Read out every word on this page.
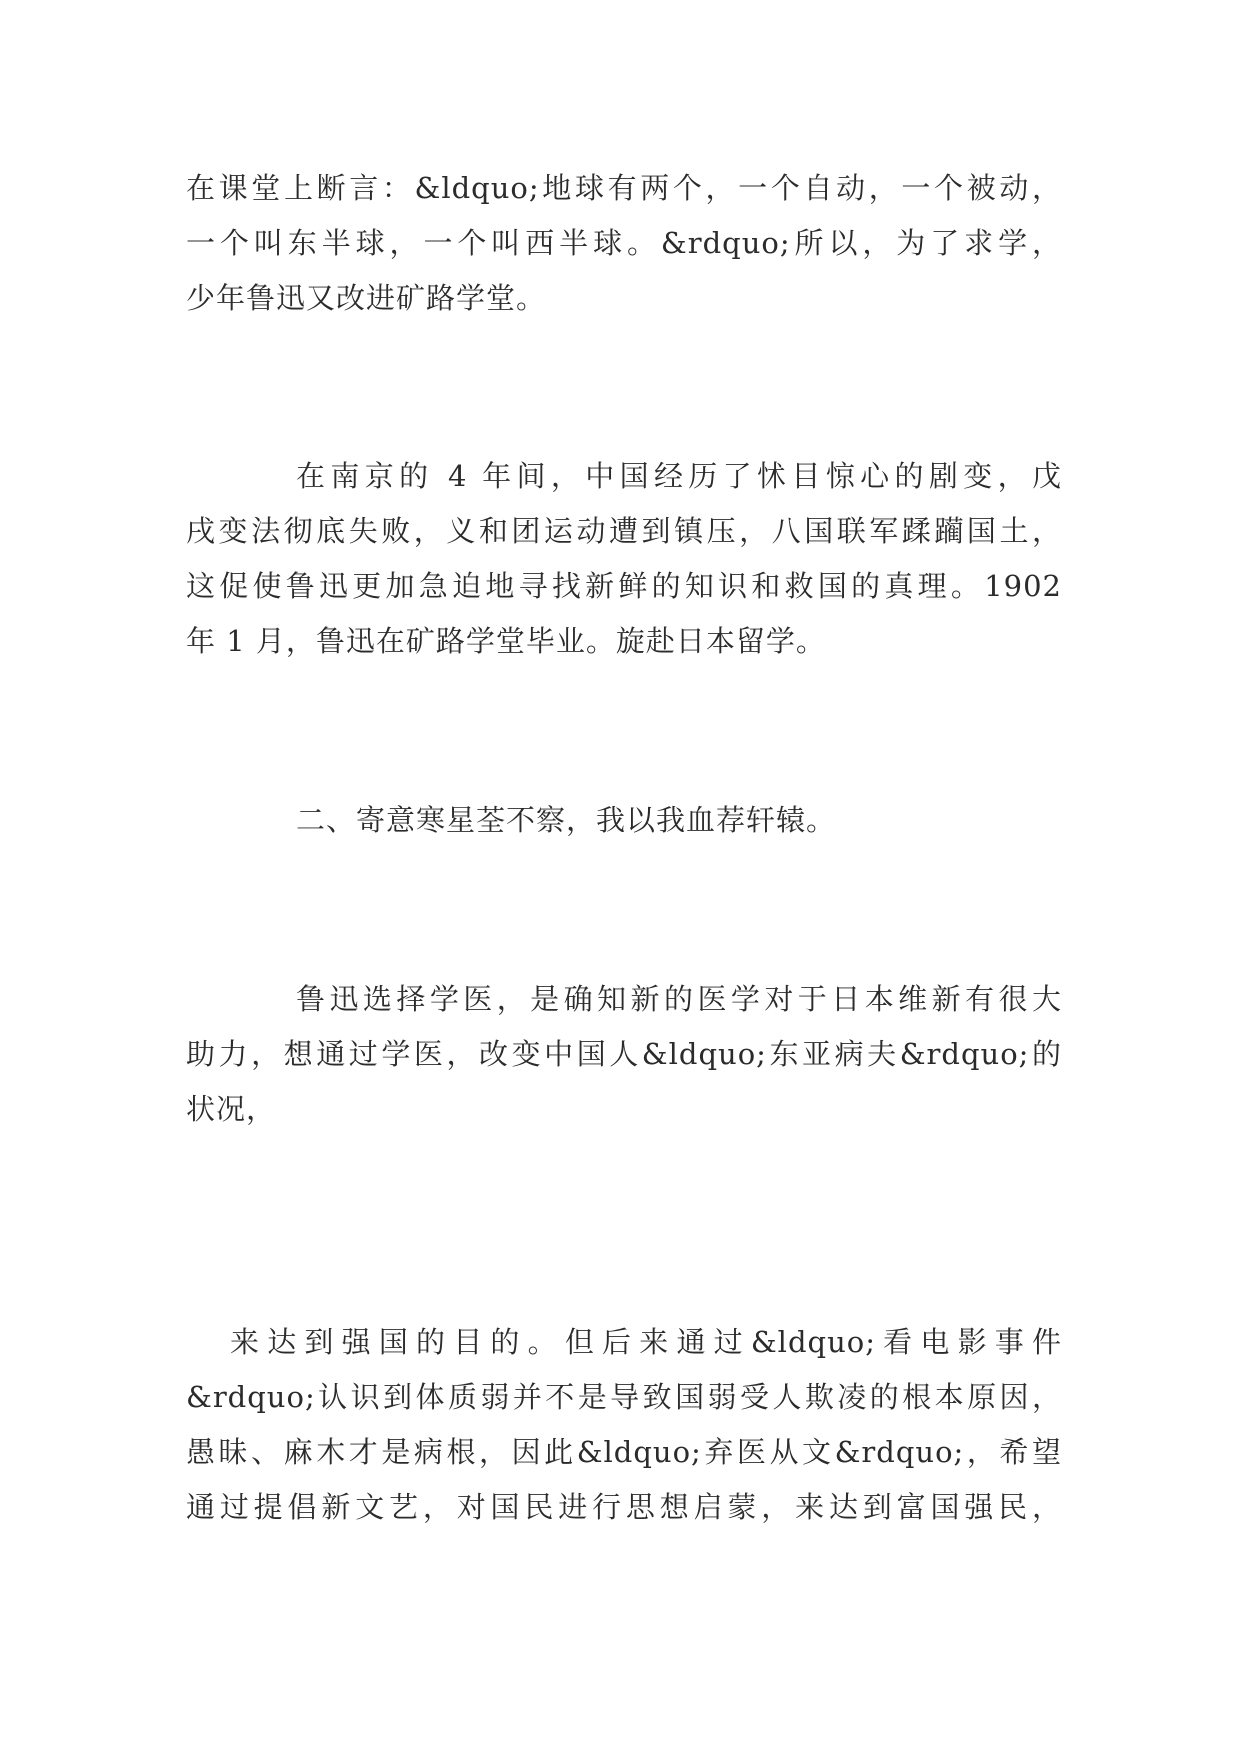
在课堂上断言：&ldquo;地球有两个，一个自动，一个被动，
一个叫东半球，一个叫西半球。&rdquo;所以，为了求学，
少年鲁迅又改进矿路学堂。
在南京的 4 年间，中国经历了怵目惊心的剧变，戊
戌变法彻底失败，义和团运动遭到镇压，八国联军蹂躏国土，
这促使鲁迅更加急迫地寻找新鲜的知识和救国的真理。1902
年 1 月，鲁迅在矿路学堂毕业。旋赴日本留学。
二、寄意寒星荃不察，我以我血荐轩辕。
鲁迅选择学医，是确知新的医学对于日本维新有很大
助力，想通过学医，改变中国人&ldquo;东亚病夫&rdquo;的
状况，
来达到强国的目的。但后来通过&ldquo;看电影事件
&rdquo;认识到体质弱并不是导致国弱受人欺凌的根本原因，
愚昧、麻木才是病根，因此&ldquo;弃医从文&rdquo;，希望
通过提倡新文艺，对国民进行思想启蒙，来达到富国强民，
